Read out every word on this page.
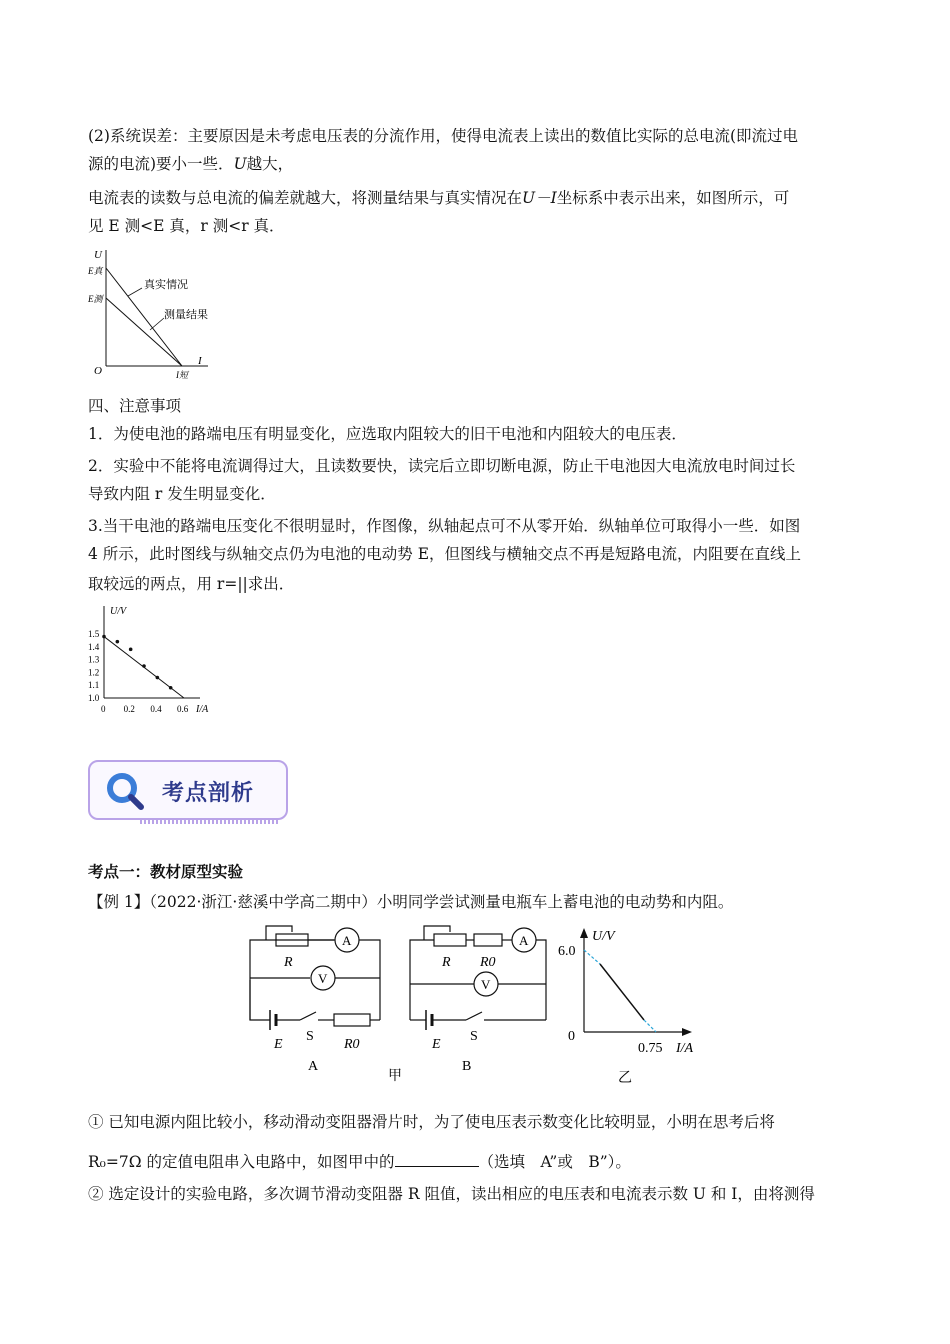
(2)系统误差：主要原因是未考虑电压表的分流作用，使得电流表上读出的数值比实际的总电流(即流过电

源的电流)要小一些．U越大，

电流表的读数与总电流的偏差就越大，将测量结果与真实情况在U－I坐标系中表示出来，如图所示，可

见 E 测<E 真，r 测<r 真．

U
I
O
E真
E测
I短
真实情况
测量结果

四、注意事项

1．为使电池的路端电压有明显变化，应选取内阻较大的旧干电池和内阻较大的电压表．

2．实验中不能将电流调得过大，且读数要快，读完后立即切断电源，防止干电池因大电流放电时间过长

导致内阻 r 发生明显变化．

3.当干电池的路端电压变化不很明显时，作图像，纵轴起点可不从零开始．纵轴单位可取得小一些．如图

4 所示，此时图线与纵轴交点仍为电池的电动势 E，但图线与横轴交点不再是短路电流，内阻要在直线上

取较远的两点，用 r=||求出．

U/V
I/A
0 0.2 0.4 0.6
1.0
1.1
1.2
1.3
1.4
1.5
考点剖析

考点一：教材原型实验

【例 1】（2022·浙江·慈溪中学高二期中）小明同学尝试测量电瓶车上蓄电池的电动势和内阻。

R
A
V
E
S
R0
A
R R0
A
V
E
S
B
甲
U/V
6.0
0
0.75 I/A
乙

① 已知电源内阻比较小，移动滑动变阻器滑片时，为了使电压表示数变化比较明显，小明在思考后将

R₀=7Ω 的定值电阻串入电路中，如图甲中的	（选填　A”或　B”）。

② 选定设计的实验电路，多次调节滑动变阻器 R 阻值，读出相应的电压表和电流表示数 U 和 I，由将测得
